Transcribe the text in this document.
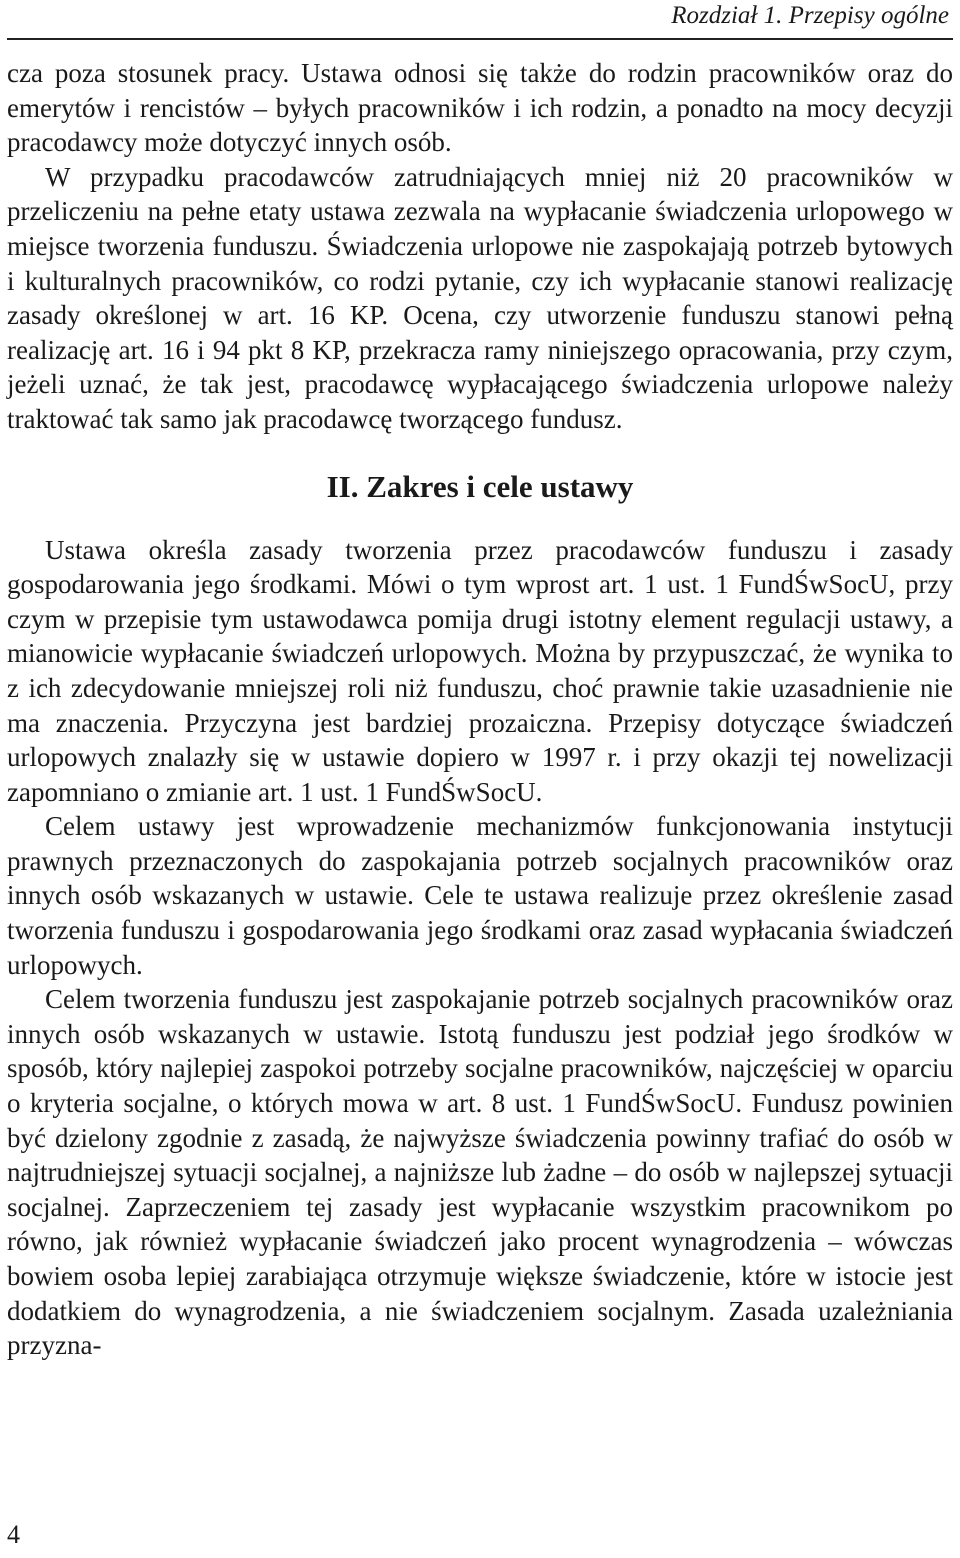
Rozdział 1. Przepisy ogólne

cza poza stosunek pracy. Ustawa odnosi się także do rodzin pracowników oraz do emerytów i rencistów – byłych pracowników i ich rodzin, a ponadto na mocy decyzji pracodawcy może dotyczyć innych osób.

W przypadku pracodawców zatrudniających mniej niż 20 pracowników w przeliczeniu na pełne etaty ustawa zezwala na wypłacanie świadczenia urlopowego w miejsce tworzenia funduszu. Świadczenia urlopowe nie zaspokajają potrzeb bytowych i kulturalnych pracowników, co rodzi pytanie, czy ich wypłacanie stanowi realizację zasady określonej w art. 16 KP. Ocena, czy utworzenie funduszu stanowi pełną realizację art. 16 i 94 pkt 8 KP, przekracza ramy niniejszego opracowania, przy czym, jeżeli uznać, że tak jest, pracodawcę wypłacającego świadczenia urlopowe należy traktować tak samo jak pracodawcę tworzącego fundusz.

II. Zakres i cele ustawy

Ustawa określa zasady tworzenia przez pracodawców funduszu i zasady gospodarowania jego środkami. Mówi o tym wprost art. 1 ust. 1 FundŚwSocU, przy czym w przepisie tym ustawodawca pomija drugi istotny element regulacji ustawy, a mianowicie wypłacanie świadczeń urlopowych. Można by przypuszczać, że wynika to z ich zdecydowanie mniejszej roli niż funduszu, choć prawnie takie uzasadnienie nie ma znaczenia. Przyczyna jest bardziej prozaiczna. Przepisy dotyczące świadczeń urlopowych znalazły się w ustawie dopiero w 1997 r. i przy okazji tej nowelizacji zapomniano o zmianie art. 1 ust. 1 FundŚwSocU.

Celem ustawy jest wprowadzenie mechanizmów funkcjonowania instytucji prawnych przeznaczonych do zaspokajania potrzeb socjalnych pracowników oraz innych osób wskazanych w ustawie. Cele te ustawa realizuje przez określenie zasad tworzenia funduszu i gospodarowania jego środkami oraz zasad wypłacania świadczeń urlopowych.

Celem tworzenia funduszu jest zaspokajanie potrzeb socjalnych pracowników oraz innych osób wskazanych w ustawie. Istotą funduszu jest podział jego środków w sposób, który najlepiej zaspokoi potrzeby socjalne pracowników, najczęściej w oparciu o kryteria socjalne, o których mowa w art. 8 ust. 1 FundŚwSocU. Fundusz powinien być dzielony zgodnie z zasadą, że najwyższe świadczenia powinny trafiać do osób w najtrudniejszej sytuacji socjalnej, a najniższe lub żadne – do osób w najlepszej sytuacji socjalnej. Zaprzeczeniem tej zasady jest wypłacanie wszystkim pracownikom po równo, jak również wypłacanie świadczeń jako procent wynagrodzenia – wówczas bowiem osoba lepiej zarabiająca otrzymuje większe świadczenie, które w istocie jest dodatkiem do wynagrodzenia, a nie świadczeniem socjalnym. Zasada uzależniania przyzna-

4
